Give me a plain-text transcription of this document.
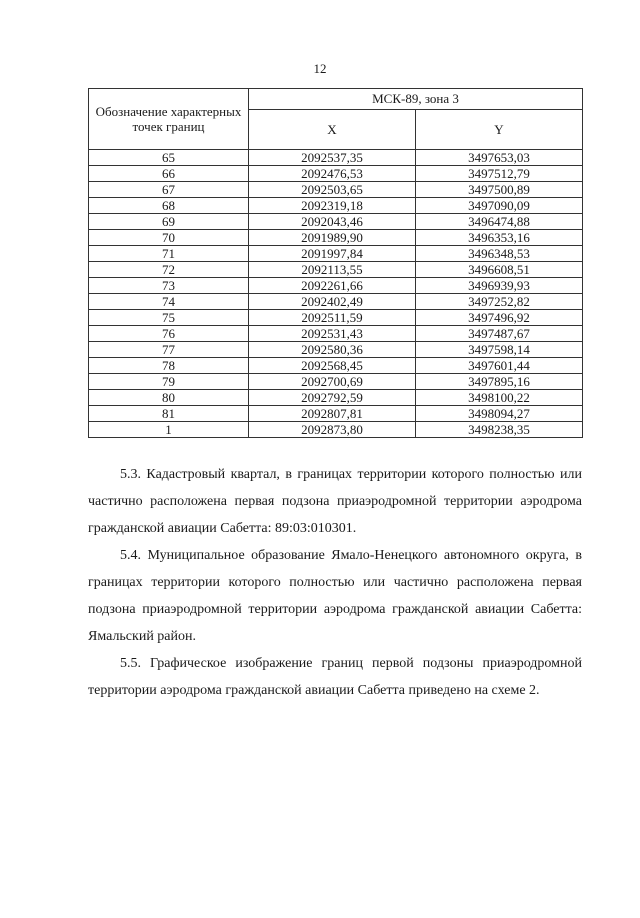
12
Обозначение характерных точек границ	МСК-89, зона 3	
	X	Y
65	2092537,35	3497653,03
66	2092476,53	3497512,79
67	2092503,65	3497500,89
68	2092319,18	3497090,09
69	2092043,46	3496474,88
70	2091989,90	3496353,16
71	2091997,84	3496348,53
72	2092113,55	3496608,51
73	2092261,66	3496939,93
74	2092402,49	3497252,82
75	2092511,59	3497496,92
76	2092531,43	3497487,67
77	2092580,36	3497598,14
78	2092568,45	3497601,44
79	2092700,69	3497895,16
80	2092792,59	3498100,22
81	2092807,81	3498094,27
1	2092873,80	3498238,35

5.3. Кадастровый квартал, в границах территории которого полностью или частично расположена первая подзона приаэродромной территории аэродрома гражданской авиации Сабетта: 89:03:010301.

5.4. Муниципальное образование Ямало-Ненецкого автономного округа, в границах территории которого полностью или частично расположена первая подзона приаэродромной территории аэродрома гражданской авиации Сабетта: Ямальский район.

5.5. Графическое изображение границ первой подзоны приаэродромной территории аэродрома гражданской авиации Сабетта приведено на схеме 2.
